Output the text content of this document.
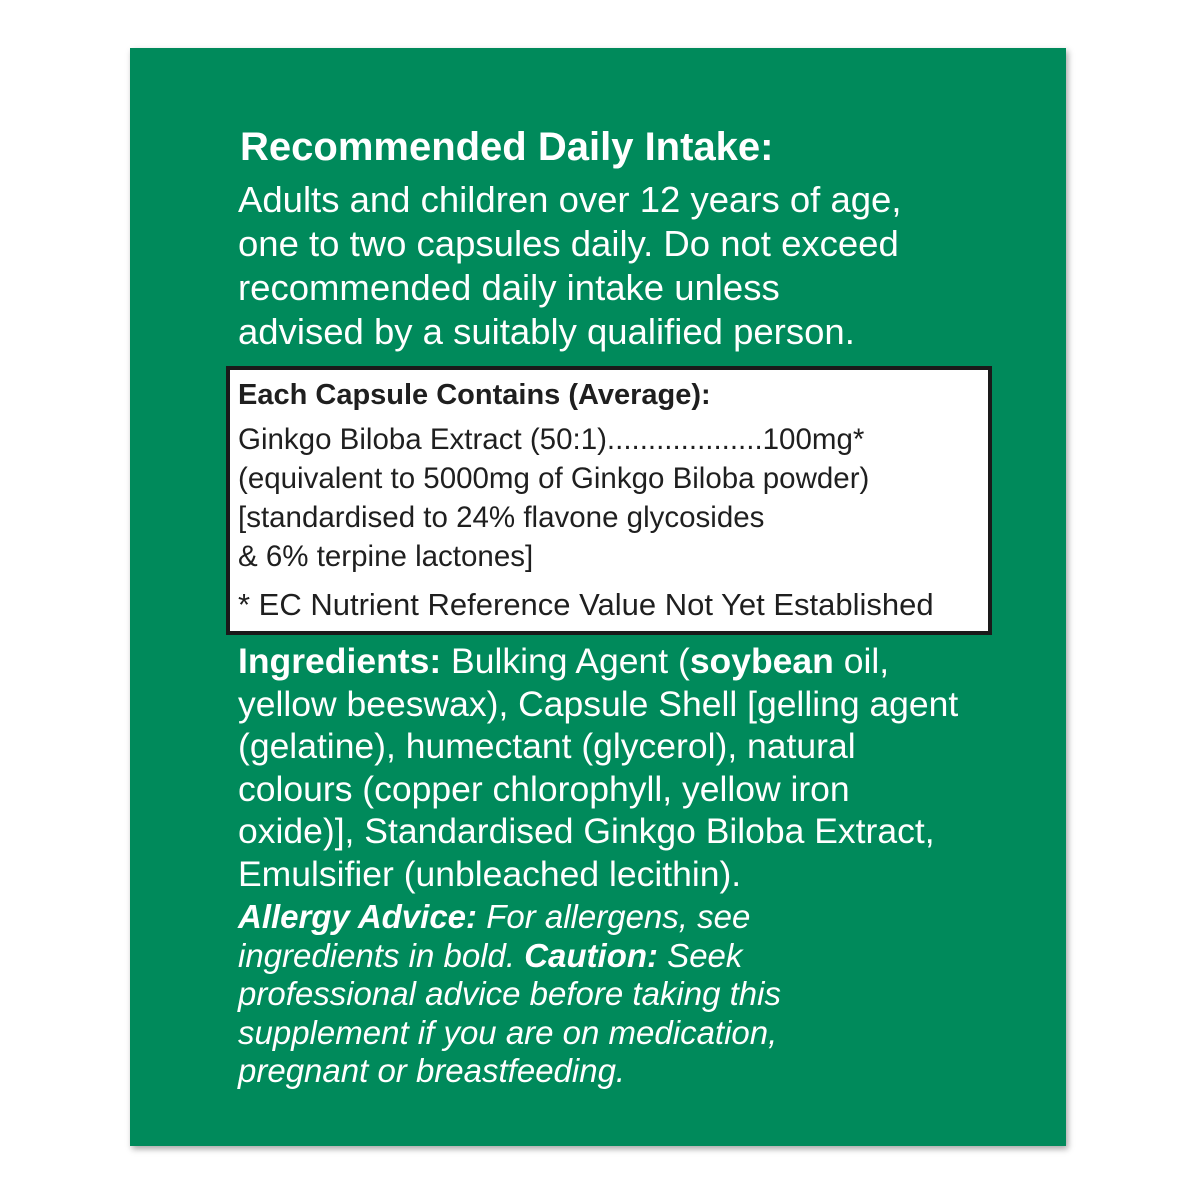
Recommended Daily Intake:
Adults and children over 12 years of age,
one to two capsules daily. Do not exceed
recommended daily intake unless
advised by a suitably qualified person.
Each Capsule Contains (Average):
Ginkgo Biloba Extract (50:1)...................100mg*
(equivalent to 5000mg of Ginkgo Biloba powder)
[standardised to 24% flavone glycosides
& 6% terpine lactones]
* EC Nutrient Reference Value Not Yet Established
Ingredients: Bulking Agent (soybean oil,
yellow beeswax), Capsule Shell [gelling agent
(gelatine), humectant (glycerol), natural
colours (copper chlorophyll, yellow iron
oxide)], Standardised Ginkgo Biloba Extract,
Emulsifier (unbleached lecithin).
Allergy Advice: For allergens, see
ingredients in bold. Caution: Seek
professional advice before taking this
supplement if you are on medication,
pregnant or breastfeeding.
